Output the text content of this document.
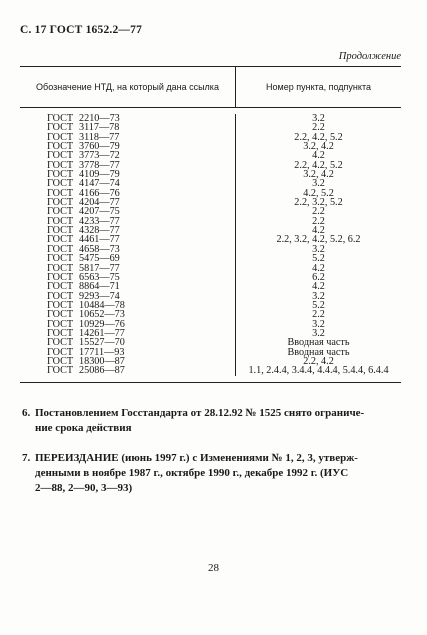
С. 17 ГОСТ 1652.2—77
Продолжение
Обозначение НТД, на который дана ссылка	Номер пункта, подпункта
ГОСТ 2210—73
ГОСТ 3117—78
ГОСТ 3118—77
ГОСТ 3760—79
ГОСТ 3773—72
ГОСТ 3778—77
ГОСТ 4109—79
ГОСТ 4147—74
ГОСТ 4166—76
ГОСТ 4204—77
ГОСТ 4207—75
ГОСТ 4233—77
ГОСТ 4328—77
ГОСТ 4461—77
ГОСТ 4658—73
ГОСТ 5475—69
ГОСТ 5817—77
ГОСТ 6563—75
ГОСТ 8864—71
ГОСТ 9293—74
ГОСТ 10484—78
ГОСТ 10652—73
ГОСТ 10929—76
ГОСТ 14261—77
ГОСТ 15527—70
ГОСТ 17711—93
ГОСТ 18300—87
ГОСТ 25086—87
3.2
2.2
2.2, 4.2, 5.2
3.2, 4.2
4.2
2.2, 4.2, 5.2
3.2, 4.2
3.2
4.2, 5.2
2.2, 3.2, 5.2
2.2
2.2
4.2
2.2, 3.2, 4.2, 5.2, 6.2
3.2
5.2
4.2
6.2
4.2
3.2
5.2
2.2
3.2
3.2
Вводная часть
Вводная часть
2.2, 4.2
1.1, 2.4.4, 3.4.4, 4.4.4, 5.4.4, 6.4.4
6. Постановлением Госстандарта от 28.12.92 № 1525 снято ограниче-
ние срока действия
7. ПЕРЕИЗДАНИЕ (июнь 1997 г.) с Изменениями № 1, 2, 3, утверж-
денными в ноябре 1987 г., октябре 1990 г., декабре 1992 г. (ИУС
2—88, 2—90, 3—93)
28
